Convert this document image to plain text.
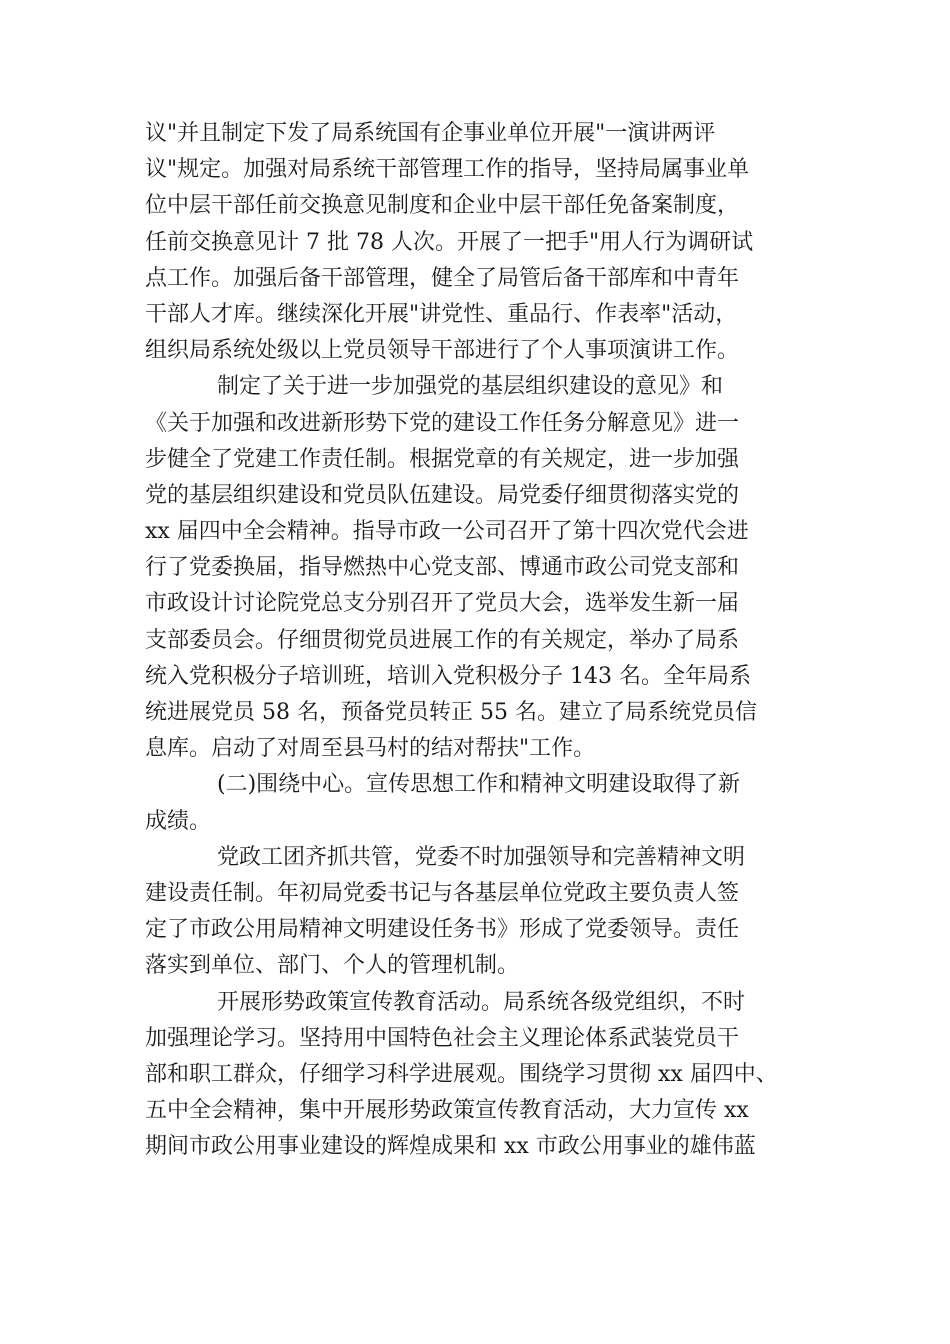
议"并且制定下发了局系统国有企事业单位开展"一演讲两评
议"规定。加强对局系统干部管理工作的指导，坚持局属事业单
位中层干部任前交换意见制度和企业中层干部任免备案制度，
任前交换意见计 7 批 78 人次。开展了一把手"用人行为调研试
点工作。加强后备干部管理，健全了局管后备干部库和中青年
干部人才库。继续深化开展"讲党性、重品行、作表率"活动，
组织局系统处级以上党员领导干部进行了个人事项演讲工作。
制定了关于进一步加强党的基层组织建设的意见》和
《关于加强和改进新形势下党的建设工作任务分解意见》进一
步健全了党建工作责任制。根据党章的有关规定，进一步加强
党的基层组织建设和党员队伍建设。局党委仔细贯彻落实党的
xx 届四中全会精神。指导市政一公司召开了第十四次党代会进
行了党委换届，指导燃热中心党支部、博通市政公司党支部和
市政设计讨论院党总支分别召开了党员大会，选举发生新一届
支部委员会。仔细贯彻党员进展工作的有关规定，举办了局系
统入党积极分子培训班，培训入党积极分子 143 名。全年局系
统进展党员 58 名，预备党员转正 55 名。建立了局系统党员信
息库。启动了对周至县马村的结对帮扶"工作。
(二)围绕中心。宣传思想工作和精神文明建设取得了新
成绩。
党政工团齐抓共管，党委不时加强领导和完善精神文明
建设责任制。年初局党委书记与各基层单位党政主要负责人签
定了市政公用局精神文明建设任务书》形成了党委领导。责任
落实到单位、部门、个人的管理机制。
开展形势政策宣传教育活动。局系统各级党组织，不时
加强理论学习。坚持用中国特色社会主义理论体系武装党员干
部和职工群众，仔细学习科学进展观。围绕学习贯彻 xx 届四中、
五中全会精神，集中开展形势政策宣传教育活动，大力宣传 xx
期间市政公用事业建设的辉煌成果和 xx 市政公用事业的雄伟蓝
